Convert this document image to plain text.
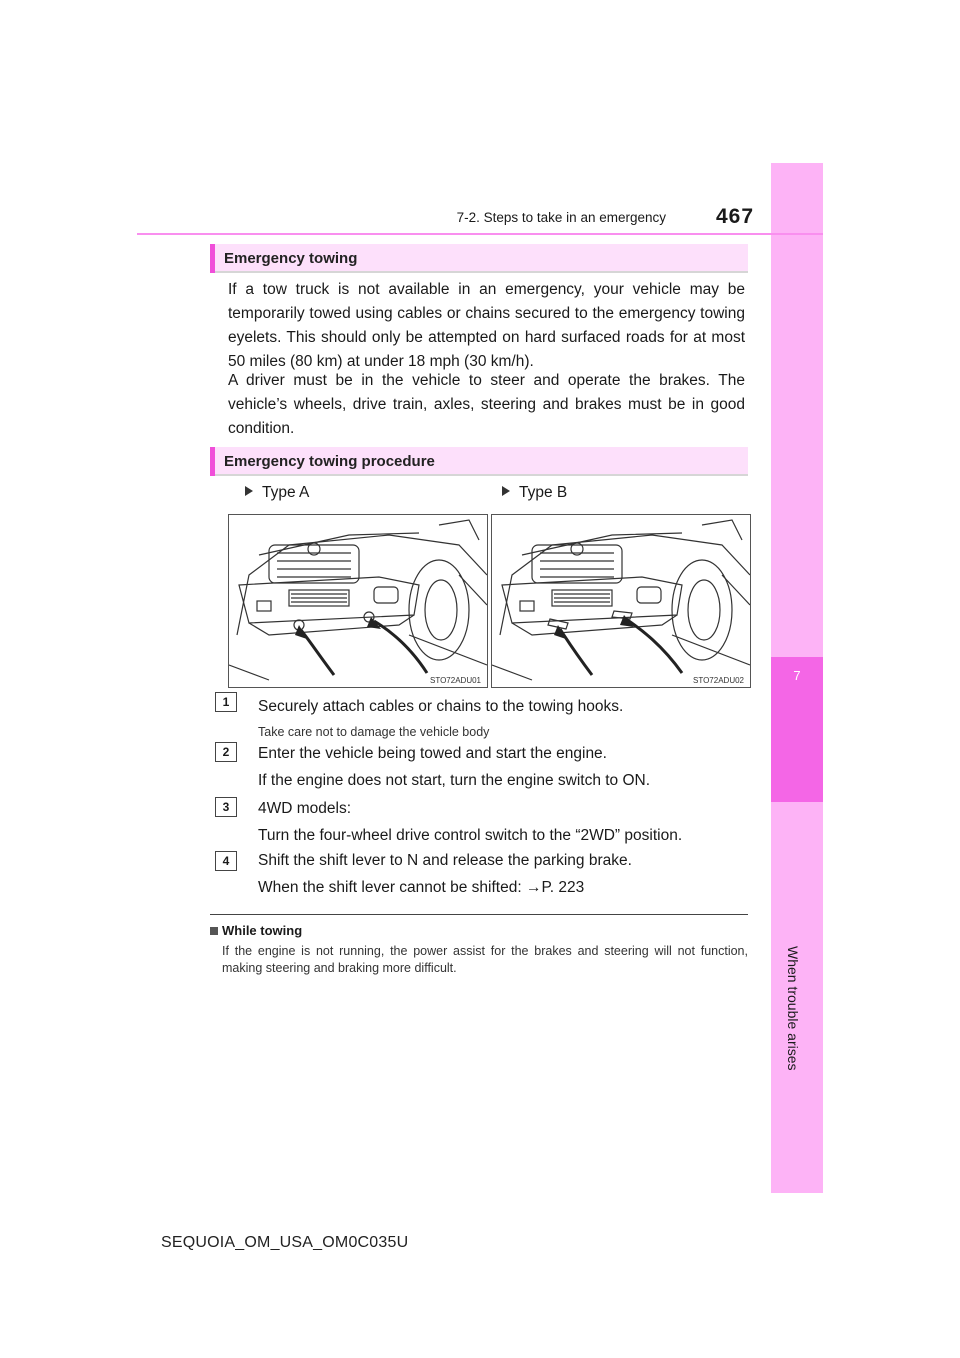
7
When trouble arises
7-2. Steps to take in an emergency 467
Emergency towing
If a tow truck is not available in an emergency, your vehicle may be temporarily towed using cables or chains secured to the emergency towing eyelets. This should only be attempted on hard surfaced roads for at most 50 miles (80 km) at under 18 mph (30 km/h).
A driver must be in the vehicle to steer and operate the brakes. The vehicle’s wheels, drive train, axles, steering and brakes must be in good condition.
Emergency towing procedure
Type A	Type B
STO72ADU01	STO72ADU02
1	Securely attach cables or chains to the towing hooks.
Take care not to damage the vehicle body
2	Enter the vehicle being towed and start the engine.
If the engine does not start, turn the engine switch to ON.
3	4WD models:
Turn the four-wheel drive control switch to the “2WD” position.
4	Shift the shift lever to N and release the parking brake.
When the shift lever cannot be shifted: →P. 223
While towing
If the engine is not running, the power assist for the brakes and steering will not function, making steering and braking more difficult.
SEQUOIA_OM_USA_OM0C035U
